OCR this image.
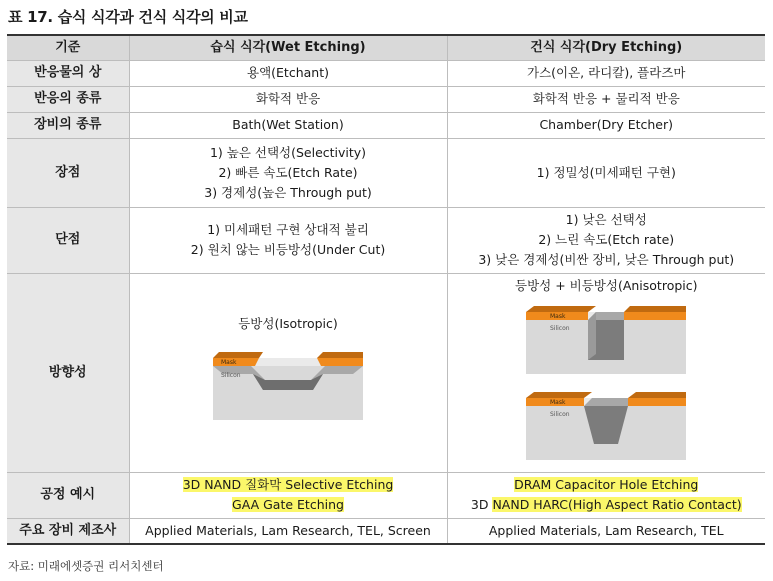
표 17. 습식 식각과 건식 식각의 비교
기준	습식 식각(Wet Etching)	건식 식각(Dry Etching)
반응물의 상	용액(Etchant)	가스(이온, 라디칼), 플라즈마
반응의 종류	화학적 반응	화학적 반응 + 물리적 반응
장비의 종류	Bath(Wet Station)	Chamber(Dry Etcher)
장점	1) 높은 선택성(Selectivity)
2) 빠른 속도(Etch Rate)
3) 경제성(높은 Through put)	1) 정밀성(미세패턴 구현)

단점	1) 미세패턴 구현 상대적 불리
2) 원치 않는 비등방성(Under Cut)	1) 낮은 선택성
2) 느린 속도(Etch rate)
3) 낮은 경제성(비싼 장비, 낮은 Through put)

방향성	등방성(Isotropic)
Mask
Silicon	등방성 + 비등방성(Anisotropic)
Mask
Silicon
Mask
Silicon

공정 예시	3D NAND 질화막 Selective Etching
GAA Gate Etching	DRAM Capacitor Hole Etching
3D NAND HARC(High Aspect Ratio Contact)

주요 장비 제조사	Applied Materials, Lam Research, TEL, Screen	Applied Materials, Lam Research, TEL
자료: 미래에셋증권 리서치센터
